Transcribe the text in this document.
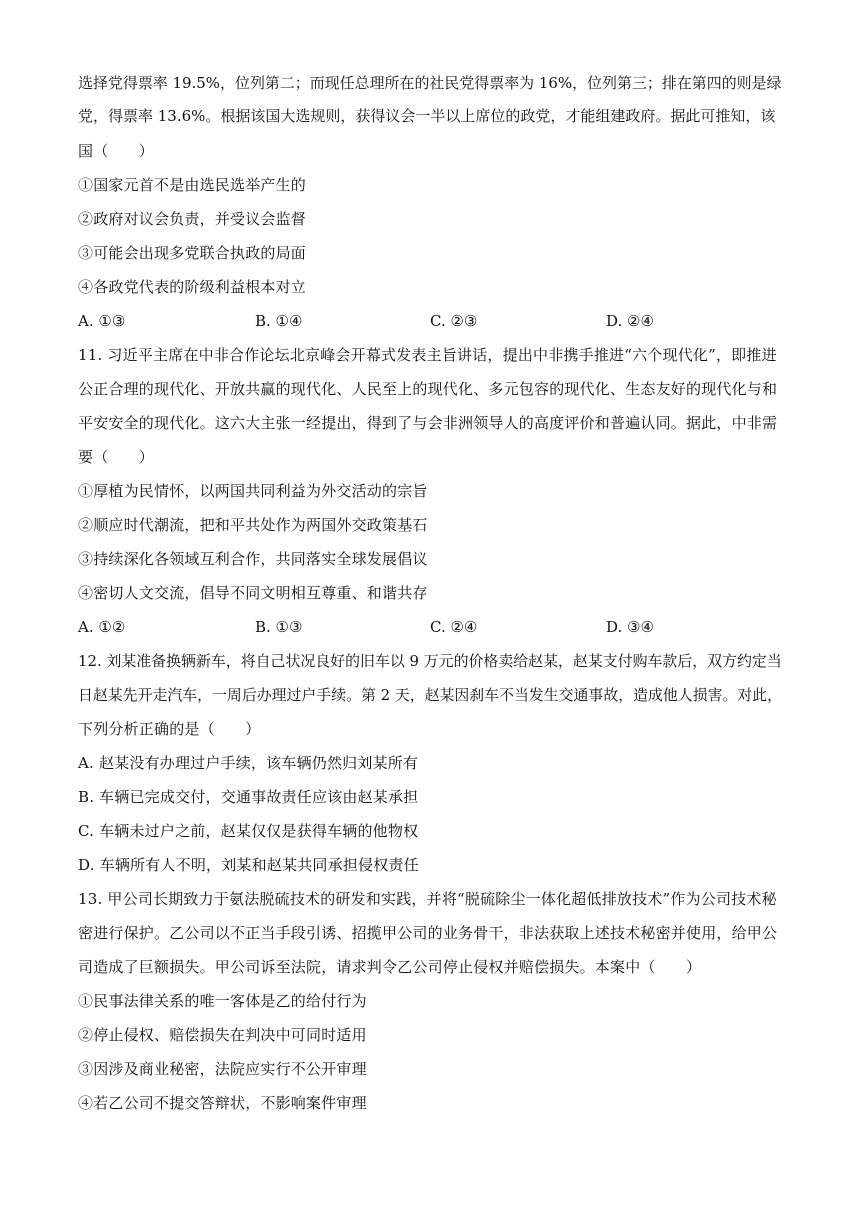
选择党得票率 19.5%，位列第二；而现任总理所在的社民党得票率为 16%，位列第三；排在第四的则是绿
党，得票率 13.6%。根据该国大选规则，获得议会一半以上席位的政党，才能组建政府。据此可推知，该
国（　　）
①国家元首不是由选民选举产生的
②政府对议会负责，并受议会监督
③可能会出现多党联合执政的局面
④各政党代表的阶级利益根本对立
A. ①③	B. ①④	C. ②③	D. ②④
11. 习近平主席在中非合作论坛北京峰会开幕式发表主旨讲话，提出中非携手推进“六个现代化”，即推进
公正合理的现代化、开放共赢的现代化、人民至上的现代化、多元包容的现代化、生态友好的现代化与和
平安安全的现代化。这六大主张一经提出，得到了与会非洲领导人的高度评价和普遍认同。据此，中非需
要（　　）
①厚植为民情怀，以两国共同利益为外交活动的宗旨
②顺应时代潮流，把和平共处作为两国外交政策基石
③持续深化各领域互利合作，共同落实全球发展倡议
④密切人文交流，倡导不同文明相互尊重、和谐共存
A. ①②	B. ①③	C. ②④	D. ③④
12. 刘某准备换辆新车，将自己状况良好的旧车以 9 万元的价格卖给赵某，赵某支付购车款后，双方约定当
日赵某先开走汽车，一周后办理过户手续。第 2 天，赵某因刹车不当发生交通事故，造成他人损害。对此，
下列分析正确的是（　　）
A. 赵某没有办理过户手续，该车辆仍然归刘某所有
B. 车辆已完成交付，交通事故责任应该由赵某承担
C. 车辆未过户之前，赵某仅仅是获得车辆的他物权
D. 车辆所有人不明，刘某和赵某共同承担侵权责任
13. 甲公司长期致力于氨法脱硫技术的研发和实践，并将“脱硫除尘一体化超低排放技术”作为公司技术秘
密进行保护。乙公司以不正当手段引诱、招揽甲公司的业务骨干，非法获取上述技术秘密并使用，给甲公
司造成了巨额损失。甲公司诉至法院，请求判令乙公司停止侵权并赔偿损失。本案中（　　）
①民事法律关系的唯一客体是乙的给付行为
②停止侵权、赔偿损失在判决中可同时适用
③因涉及商业秘密，法院应实行不公开审理
④若乙公司不提交答辩状，不影响案件审理
